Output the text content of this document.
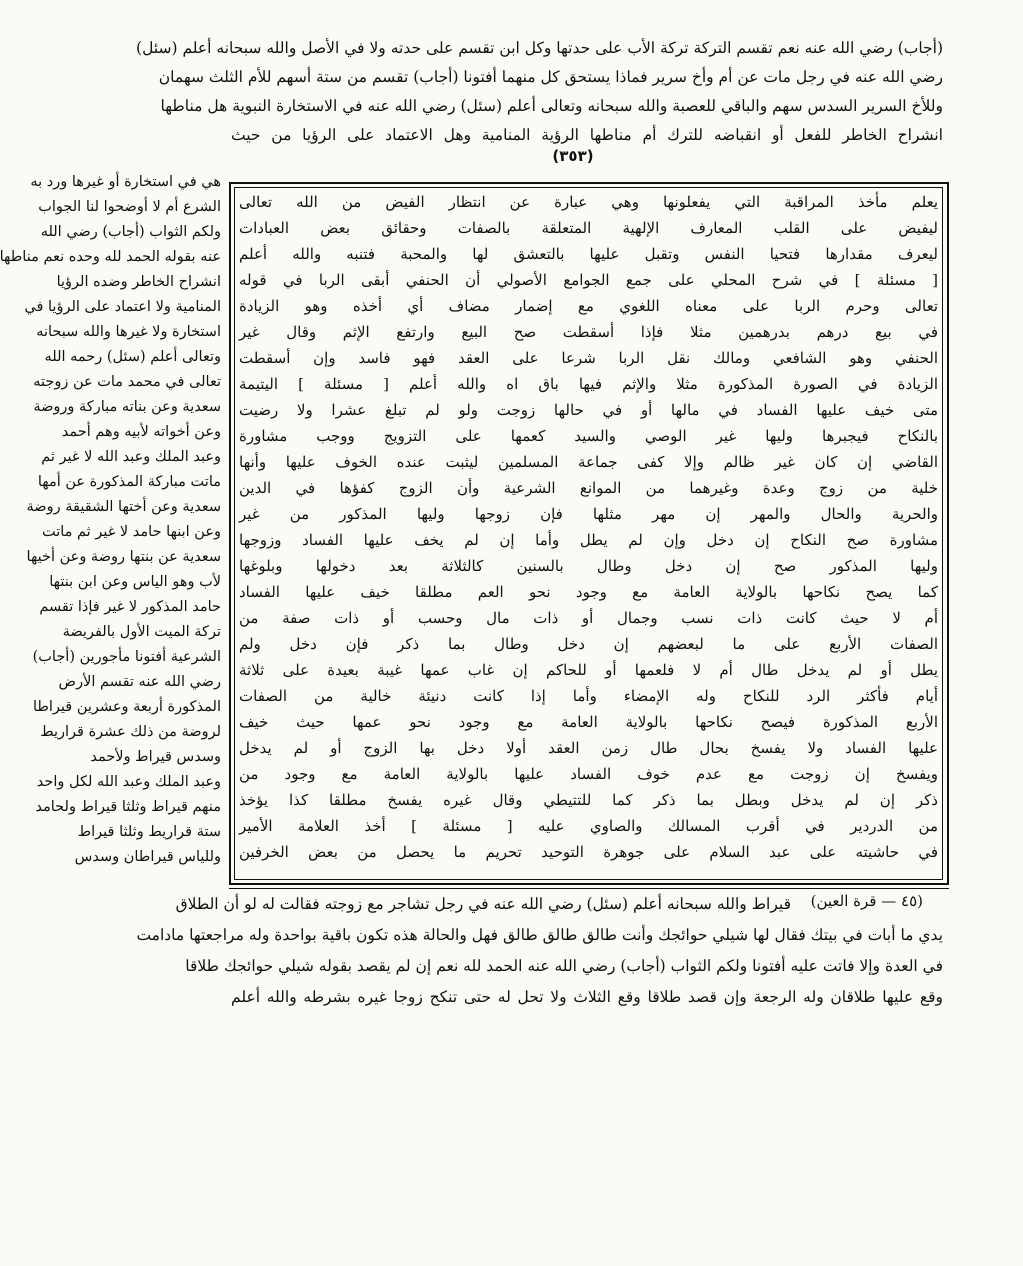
(أجاب) رضي الله عنه نعم تقسم التركة تركة الأب على حدتها وكل ابن تقسم على حدته ولا في الأصل والله سبحانه أعلم (سئل)
رضي الله عنه في رجل مات عن أم وأخ سرير فماذا يستحق كل منهما أفتونا (أجاب) تقسم من ستة أسهم للأم الثلث سهمان
وللأخ السرير السدس سهم والباقي للعصبة والله سبحانه وتعالى أعلم (سئل) رضي الله عنه في الاستخارة النبوية هل مناطها
انشراح الخاطر للفعل أو انقباضه للترك أم مناطها الرؤية المنامية وهل الاعتماد على الرؤيا من حيث
(٣٥٣)
يعلم مأخذ المراقبة التي يفعلونها وهي عبارة عن انتظار الفيض من الله تعالى
ليفيض على القلب المعارف الإلهية المتعلقة بالصفات وحقائق بعض العبادات
ليعرف مقدارها فتحيا النفس وتقبل عليها بالتعشق لها والمحبة فتنبه والله أعلم
[ مسئلة ] في شرح المحلي على جمع الجوامع الأصولي أن الحنفي أبقى الربا في قوله
تعالى وحرم الربا على معناه اللغوي مع إضمار مضاف أي أخذه وهو الزيادة
في بيع درهم بدرهمين مثلا فإذا أسقطت صح البيع وارتفع الإثم وقال غير
الحنفي وهو الشافعي ومالك نقل الربا شرعا على العقد فهو فاسد وإن أسقطت
الزيادة في الصورة المذكورة مثلا والإثم فيها باق اه والله أعلم [ مسئلة ] اليتيمة
متى خيف عليها الفساد في مالها أو في حالها زوجت ولو لم تبلغ عشرا ولا رضيت
بالنكاح فيجبرها وليها غير الوصي والسيد كعمها على التزويج ووجب مشاورة
القاضي إن كان غير ظالم وإلا كفى جماعة المسلمين ليثبت عنده الخوف عليها وأنها
خلية من زوج وعدة وغيرهما من الموانع الشرعية وأن الزوج كفؤها في الدين
والحرية والحال والمهر إن مهر مثلها فإن زوجها وليها المذكور من غير
مشاورة صح النكاح إن دخل وإن لم يطل وأما إن لم يخف عليها الفساد وزوجها
وليها المذكور صح إن دخل وطال بالسنين كالثلاثة بعد دخولها وبلوغها
كما يصح نكاحها بالولاية العامة مع وجود نحو العم مطلقا خيف عليها الفساد
أم لا حيث كانت ذات نسب وجمال أو ذات مال وحسب أو ذات صفة من
الصفات الأربع على ما لبعضهم إن دخل وطال بما ذكر فإن دخل ولم
يطل أو لم يدخل طال أم لا فلعمها أو للحاكم إن غاب عمها غيبة بعيدة على ثلاثة
أيام فأكثر الرد للنكاح وله الإمضاء وأما إذا كانت دنيئة خالية من الصفات
الأربع المذكورة فيصح نكاحها بالولاية العامة مع وجود نحو عمها حيث خيف
عليها الفساد ولا يفسخ بحال طال زمن العقد أولا دخل بها الزوج أو لم يدخل
ويفسخ إن زوجت مع عدم خوف الفساد عليها بالولاية العامة مع وجود من
ذكر إن لم يدخل وبطل بما ذكر كما للتتيطي وقال غيره يفسخ مطلقا كذا يؤخذ
من الدردير في أقرب المسالك والصاوي عليه [ مسئلة ] أخذ العلامة الأمير
في حاشيته على عبد السلام على جوهرة التوحيد تحريم ما يحصل من بعض الخرفين
هي في استخارة أو غيرها ورد به
الشرع أم لا أوضحوا لنا الجواب
ولكم الثواب (أجاب) رضي الله
عنه بقوله الحمد لله وحده نعم مناطها
انشراح الخاطر وضده الرؤيا
المنامية ولا اعتماد على الرؤيا في
استخارة ولا غيرها والله سبحانه
وتعالى أعلم (سئل) رحمه الله
تعالى في محمد مات عن زوجته
سعدية وعن بناته مباركة وروضة
وعن أخواته لأبيه وهم أحمد
وعبد الملك وعبد الله لا غير ثم
ماتت مباركة المذكورة عن أمها
سعدية وعن أختها الشقيقة روضة
وعن ابنها حامد لا غير ثم ماتت
سعدية عن بنتها روضة وعن أخيها
لأب وهو الياس وعن ابن بنتها
حامد المذكور لا غير فإذا تقسم
تركة الميت الأول بالفريضة
الشرعية أفتونا مأجورين (أجاب)
رضي الله عنه تقسم الأرض
المذكورة أربعة وعشرين قيراطا
لروضة من ذلك عشرة قراريط
وسدس قيراط ولأحمد
وعبد الملك وعبد الله لكل واحد
منهم قيراط وثلثا قيراط ولحامد
ستة قراريط وثلثا قيراط
وللياس قيراطان وسدس
(٤٥ — قرة العين)
قيراط والله سبحانه أعلم (سئل) رضي الله عنه في رجل تشاجر مع زوجته فقالت له لو أن الطلاق
يدي ما أبات في بيتك فقال لها شيلي حوائجك وأنت طالق طالق طالق فهل والحالة هذه تكون باقية بواحدة وله مراجعتها مادامت
في العدة وإلا فاتت عليه أفتونا ولكم الثواب (أجاب) رضي الله عنه الحمد لله نعم إن لم يقصد بقوله شيلي حوائجك طلاقا
وقع عليها طلاقان وله الرجعة وإن قصد طلاقا وقع الثلاث ولا تحل له حتى تنكح زوجا غيره بشرطه والله أعلم
